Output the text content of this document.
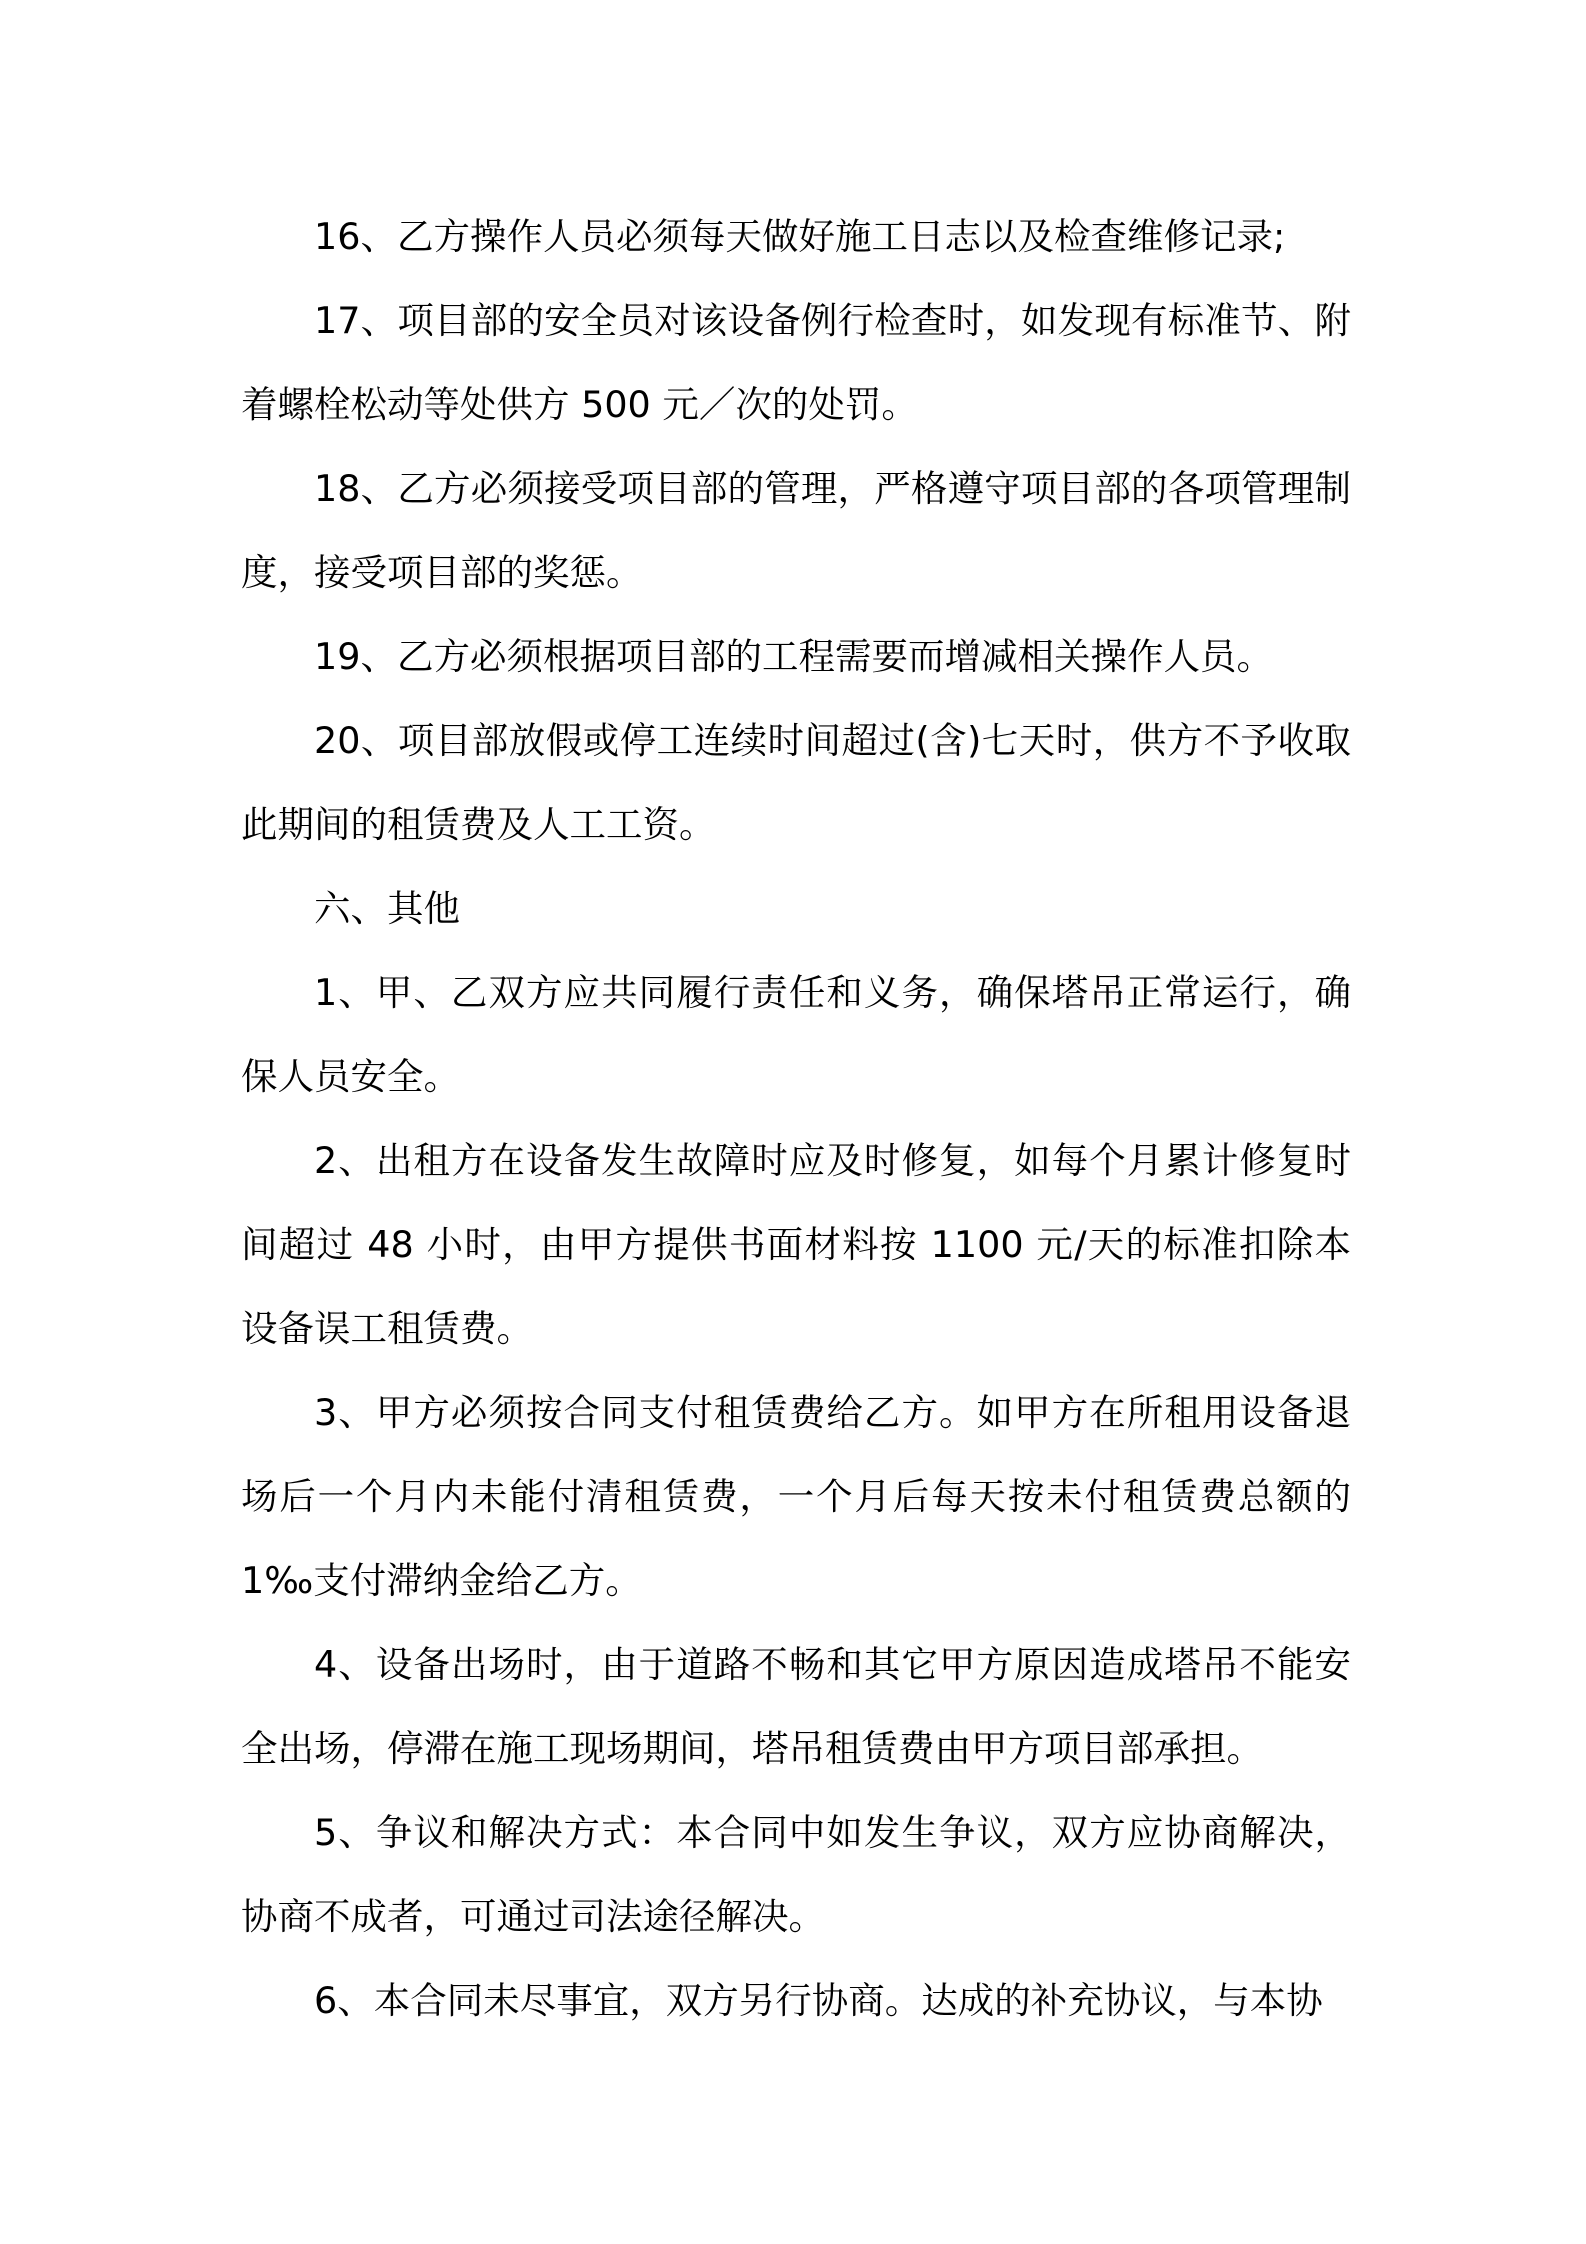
16、乙方操作人员必须每天做好施工日志以及检查维修记录;

17、项目部的安全员对该设备例行检查时，如发现有标准节、附着螺栓松动等处供方 500 元／次的处罚。

18、乙方必须接受项目部的管理，严格遵守项目部的各项管理制度，接受项目部的奖惩。

19、乙方必须根据项目部的工程需要而增减相关操作人员。

20、项目部放假或停工连续时间超过(含)七天时，供方不予收取此期间的租赁费及人工工资。

六、其他

1、甲、乙双方应共同履行责任和义务，确保塔吊正常运行，确保人员安全。

2、出租方在设备发生故障时应及时修复，如每个月累计修复时间超过 48 小时，由甲方提供书面材料按 1100 元/天的标准扣除本设备误工租赁费。

3、甲方必须按合同支付租赁费给乙方。如甲方在所租用设备退场后一个月内未能付清租赁费，一个月后每天按未付租赁费总额的1‰支付滞纳金给乙方。

4、设备出场时，由于道路不畅和其它甲方原因造成塔吊不能安全出场，停滞在施工现场期间，塔吊租赁费由甲方项目部承担。

5、争议和解决方式：本合同中如发生争议，双方应协商解决，协商不成者，可通过司法途径解决。

6、本合同未尽事宜，双方另行协商。达成的补充协议，与本协
